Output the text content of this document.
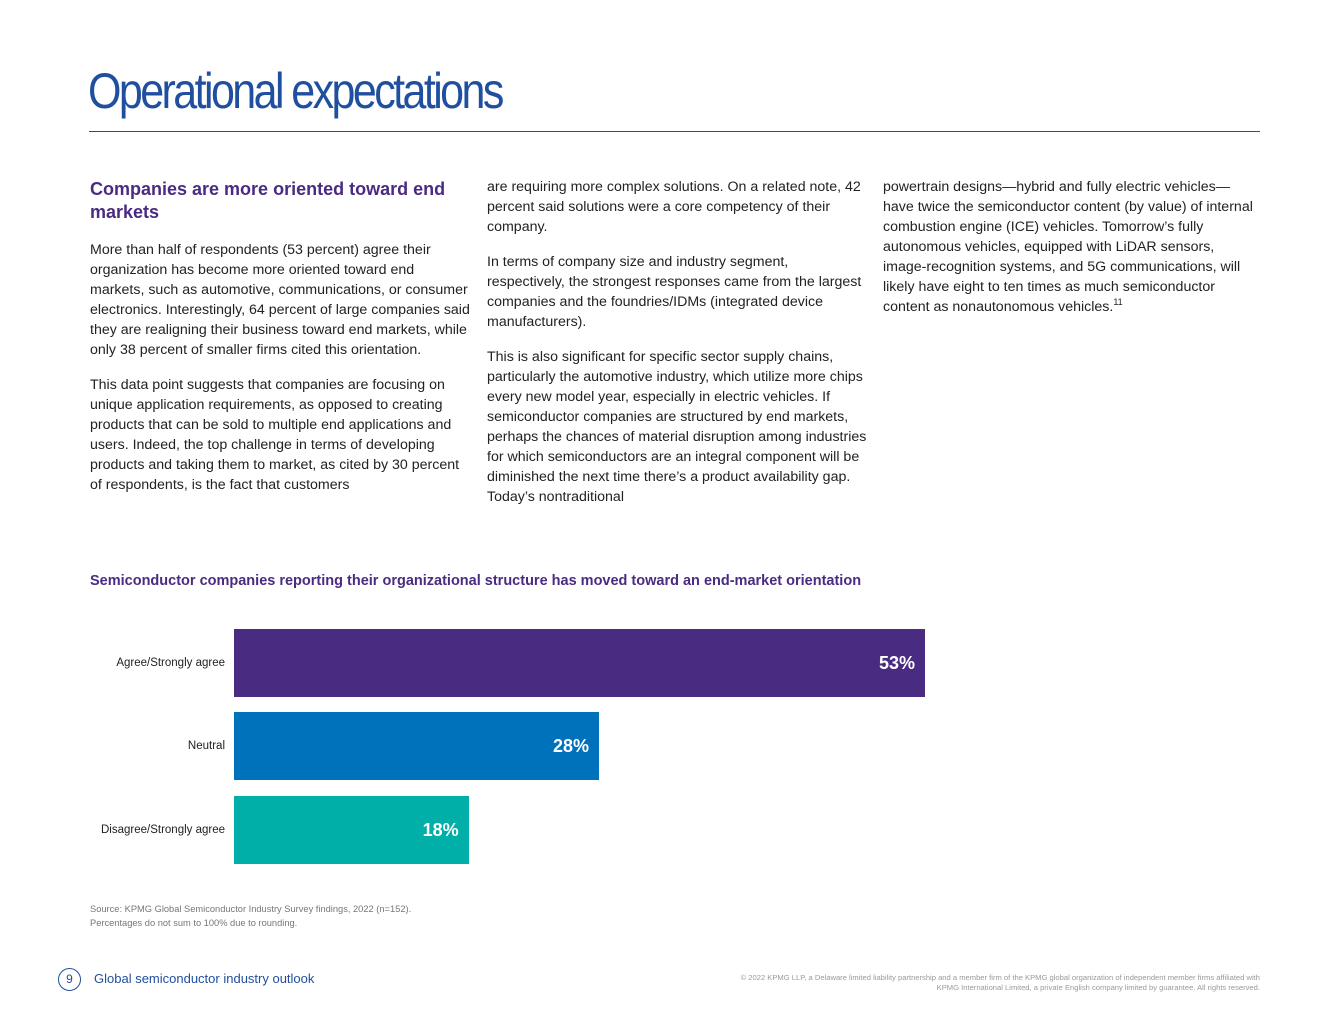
Operational expectations
Companies are more oriented toward end markets

More than half of respondents (53 percent) agree their organization has become more oriented toward end markets, such as automotive, communications, or consumer electronics. Interestingly, 64 percent of large companies said they are realigning their business toward end markets, while only 38 percent of smaller firms cited this orientation.

This data point suggests that companies are focusing on unique application requirements, as opposed to creating products that can be sold to multiple end applications and users. Indeed, the top challenge in terms of developing products and taking them to market, as cited by 30 percent of respondents, is the fact that customers

are requiring more complex solutions. On a related note, 42 percent said solutions were a core competency of their company.

In terms of company size and industry segment, respectively, the strongest responses came from the largest companies and the foundries/IDMs (integrated device manufacturers).

This is also significant for specific sector supply chains, particularly the automotive industry, which utilize more chips every new model year, especially in electric vehicles. If semiconductor companies are structured by end markets, perhaps the chances of material disruption among industries for which semiconductors are an integral component will be diminished the next time there’s a product availability gap. Today’s nontraditional

powertrain designs—hybrid and fully electric vehicles—have twice the semiconductor content (by value) of internal combustion engine (ICE) vehicles. Tomorrow’s fully autonomous vehicles, equipped with LiDAR sensors, image-recognition systems, and 5G communications, will likely have eight to ten times as much semiconductor content as nonautonomous vehicles.$^{11}$

Semiconductor companies reporting their organizational structure has moved toward an end-market orientation
Agree/Strongly agree	53%
Neutral	28%
Disagree/Strongly agree	18%
Source: KPMG Global Semiconductor Industry Survey findings, 2022 (n=152).
Percentages do not sum to 100% due to rounding.
9	Global semiconductor industry outlook	© 2022 KPMG LLP, a Delaware limited liability partnership and a member firm of the KPMG global organization of independent member firms affiliated with
KPMG International Limited, a private English company limited by guarantee. All rights reserved.
